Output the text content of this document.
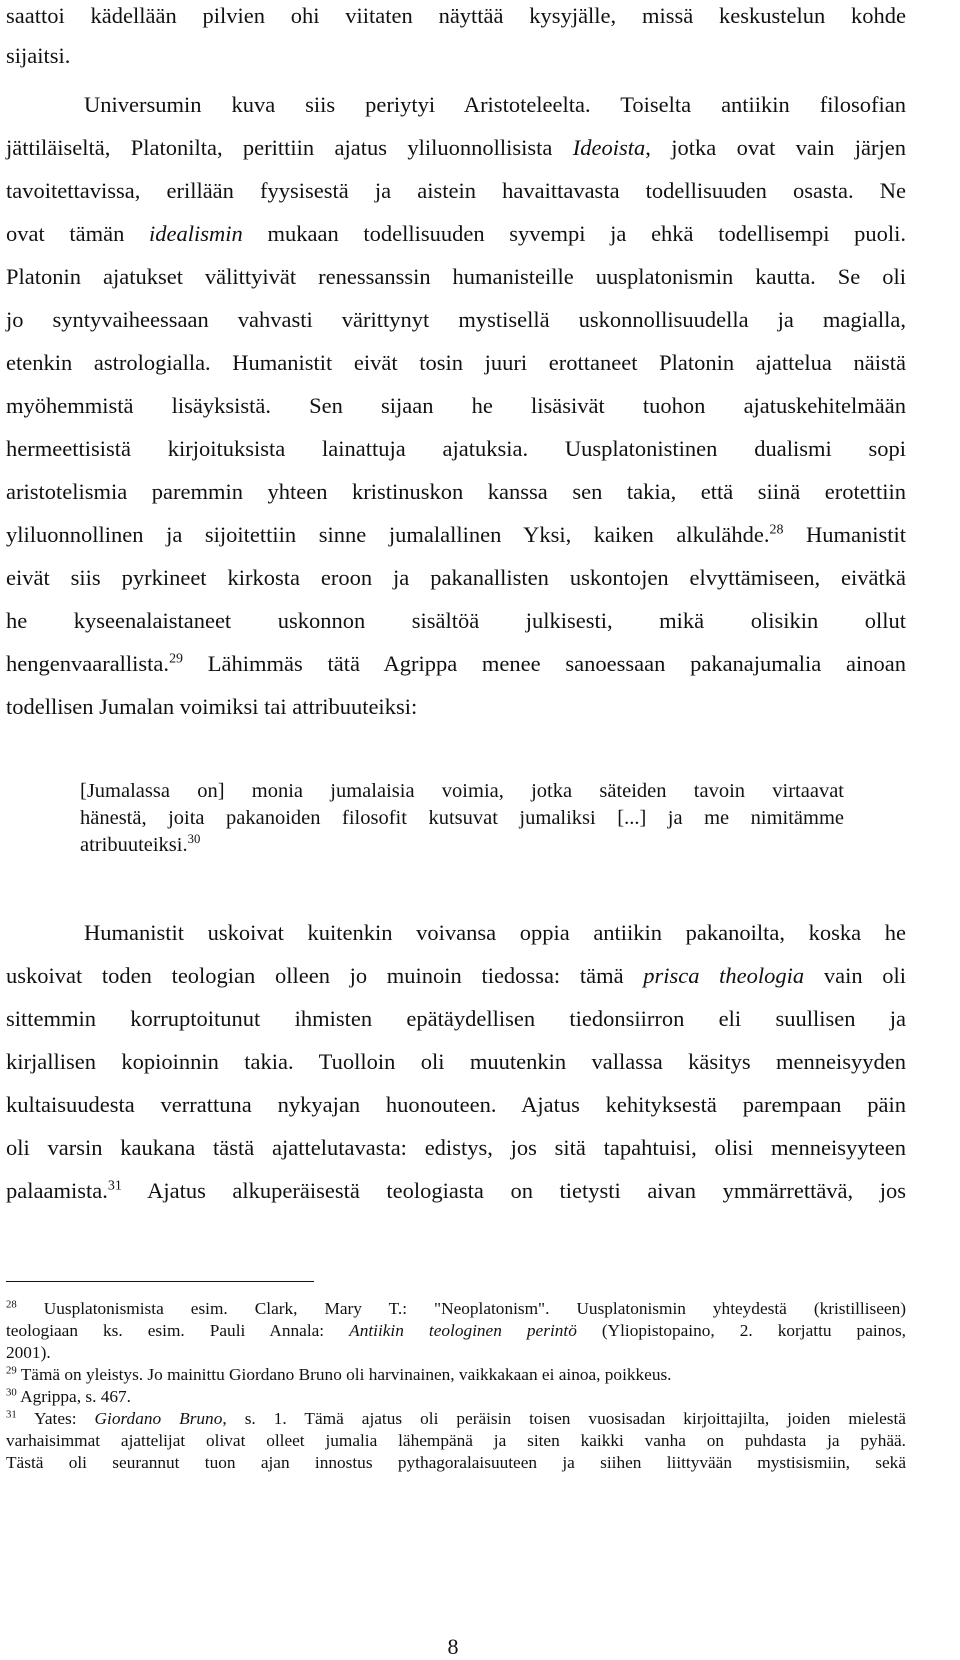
saattoi kädellään pilvien ohi viitaten näyttää kysyjälle, missä keskustelun kohde
sijaitsi.
Universumin kuva siis periytyi Aristoteleelta. Toiselta antiikin filosofian
jättiläiseltä, Platonilta, perittiin ajatus yliluonnollisista Ideoista, jotka ovat vain järjen
tavoitettavissa, erillään fyysisestä ja aistein havaittavasta todellisuuden osasta. Ne
ovat tämän idealismin mukaan todellisuuden syvempi ja ehkä todellisempi puoli.
Platonin ajatukset välittyivät renessanssin humanisteille uusplatonismin kautta. Se oli
jo syntyvaiheessaan vahvasti värittynyt mystisellä uskonnollisuudella ja magialla,
etenkin astrologialla. Humanistit eivät tosin juuri erottaneet Platonin ajattelua näistä
myöhemmistä lisäyksistä. Sen sijaan he lisäsivät tuohon ajatuskehitelmään
hermeettisistä kirjoituksista lainattuja ajatuksia. Uusplatonistinen dualismi sopi
aristotelismia paremmin yhteen kristinuskon kanssa sen takia, että siinä erotettiin
yliluonnollinen ja sijoitettiin sinne jumalallinen Yksi, kaiken alkulähde.$^{28}$ Humanistit
eivät siis pyrkineet kirkosta eroon ja pakanallisten uskontojen elvyttämiseen, eivätkä
he kyseenalaistaneet uskonnon sisältöä julkisesti, mikä olisikin ollut
hengenvaarallista.$^{29}$ Lähimmäs tätä Agrippa menee sanoessaan pakanajumalia ainoan
todellisen Jumalan voimiksi tai attribuuteiksi:
[Jumalassa on] monia jumalaisia voimia, jotka säteiden tavoin virtaavat
hänestä, joita pakanoiden filosofit kutsuvat jumaliksi [...] ja me nimitämme
atribuuteiksi.$^{30}$
Humanistit uskoivat kuitenkin voivansa oppia antiikin pakanoilta, koska he
uskoivat toden teologian olleen jo muinoin tiedossa: tämä prisca theologia vain oli
sittemmin korruptoitunut ihmisten epätäydellisen tiedonsiirron eli suullisen ja
kirjallisen kopioinnin takia. Tuolloin oli muutenkin vallassa käsitys menneisyyden
kultaisuudesta verrattuna nykyajan huonouteen. Ajatus kehityksestä parempaan päin
oli varsin kaukana tästä ajattelutavasta: edistys, jos sitä tapahtuisi, olisi menneisyyteen
palaamista.$^{31}$ Ajatus alkuperäisestä teologiasta on tietysti aivan ymmärrettävä, jos
$^{28}$ Uusplatonismista esim. Clark, Mary T.: "Neoplatonism". Uusplatonismin yhteydestä (kristilliseen)
teologiaan ks. esim. Pauli Annala: Antiikin teologinen perintö (Yliopistopaino, 2. korjattu painos,
2001).
$^{29}$ Tämä on yleistys. Jo mainittu Giordano Bruno oli harvinainen, vaikkakaan ei ainoa, poikkeus.
$^{30}$ Agrippa, s. 467.
$^{31}$ Yates: Giordano Bruno, s. 1. Tämä ajatus oli peräisin toisen vuosisadan kirjoittajilta, joiden mielestä
varhaisimmat ajattelijat olivat olleet jumalia lähempänä ja siten kaikki vanha on puhdasta ja pyhää.
Tästä oli seurannut tuon ajan innostus pythagoralaisuuteen ja siihen liittyvään mystisismiin, sekä
8
